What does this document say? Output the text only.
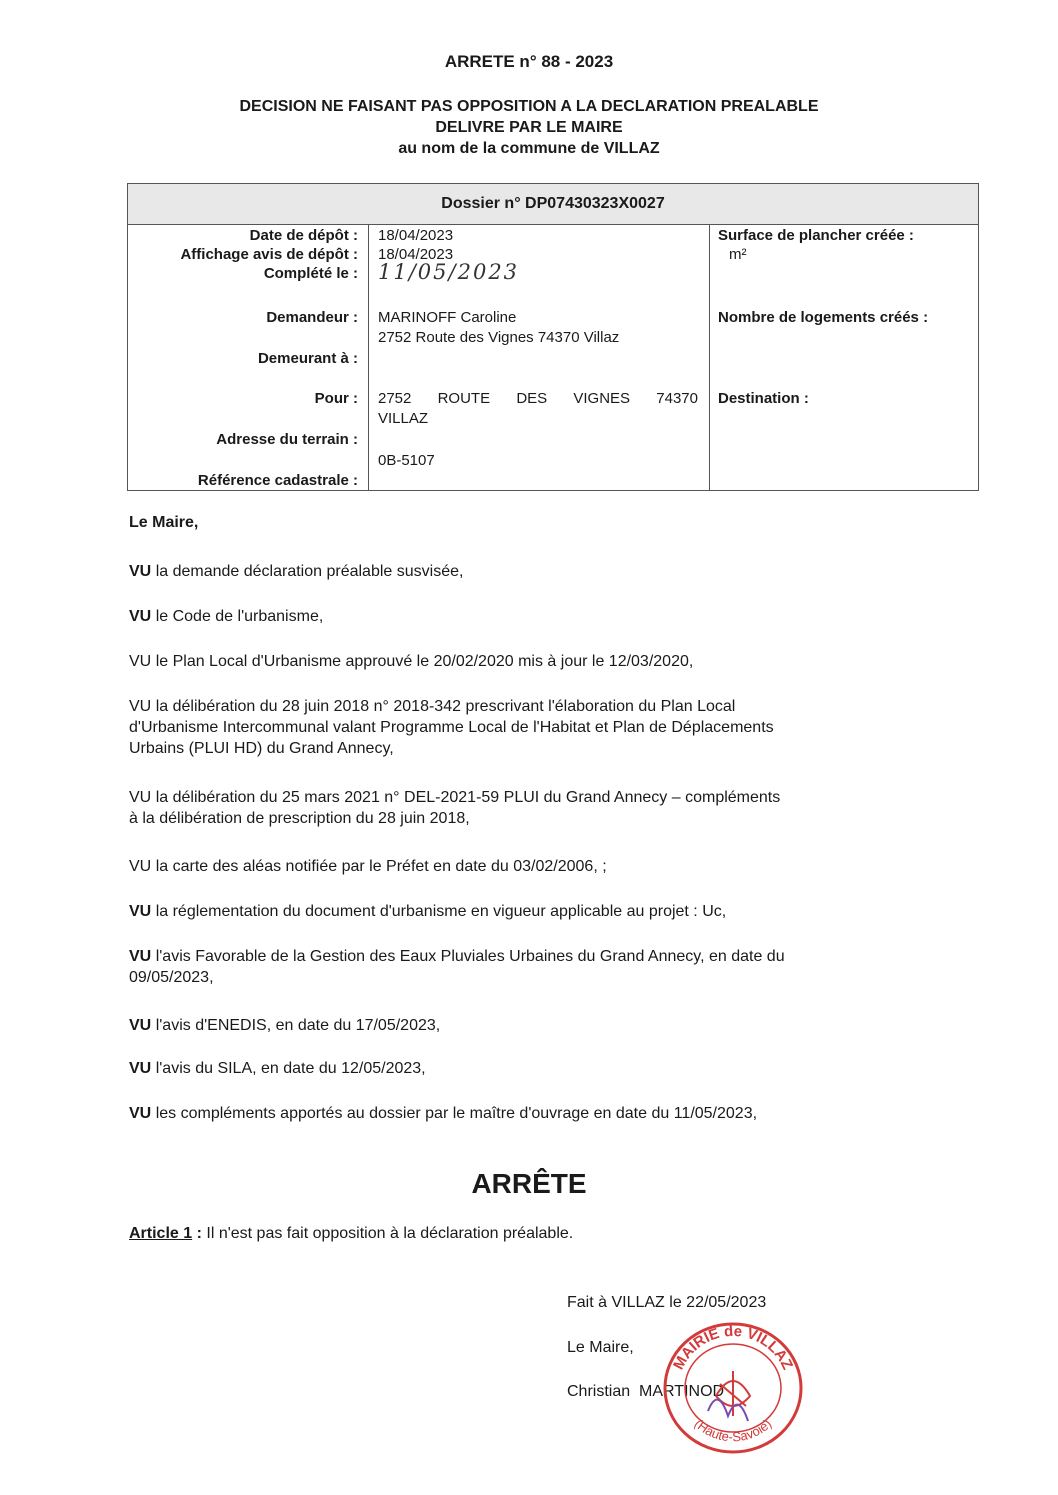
ARRETE n° 88 - 2023
DECISION NE FAISANT PAS OPPOSITION A LA DECLARATION PREALABLE
DELIVRE PAR LE MAIRE
au nom de la commune de VILLAZ
Dossier n° DP07430323X0027
Date de dépôt :
Affichage avis de dépôt :
Complété le :
Demandeur :
Demeurant à :
Pour :
Adresse du terrain :
Référence cadastrale :
18/04/2023
18/04/2023
11/05/2023
MARINOFF Caroline
2752 Route des Vignes 74370 Villaz
2752 ROUTE DES VIGNES 74370
VILLAZ
0B-5107
Surface de plancher créée :
m²
Nombre de logements créés :
Destination :
Le Maire,
VU la demande déclaration préalable susvisée,
VU le Code de l'urbanisme,
VU le Plan Local d'Urbanisme approuvé le 20/02/2020 mis à jour le 12/03/2020,
VU la délibération du 28 juin 2018 n° 2018-342 prescrivant l'élaboration du Plan Local
d'Urbanisme Intercommunal valant Programme Local de l'Habitat et Plan de Déplacements
Urbains (PLUI HD) du Grand Annecy,
VU la délibération du 25 mars 2021 n° DEL-2021-59 PLUI du Grand Annecy – compléments
à la délibération de prescription du 28 juin 2018,
VU la carte des aléas notifiée par le Préfet en date du 03/02/2006, ;
VU la réglementation du document d'urbanisme en vigueur applicable au projet : Uc,
VU l'avis Favorable de la Gestion des Eaux Pluviales Urbaines du Grand Annecy, en date du
09/05/2023,
VU l'avis d'ENEDIS, en date du 17/05/2023,
VU l'avis du SILA, en date du 12/05/2023,
VU les compléments apportés au dossier par le maître d'ouvrage en date du 11/05/2023,
ARRÊTE
Article 1 : Il n'est pas fait opposition à la déclaration préalable.
Fait à VILLAZ le 22/05/2023
Le Maire,
Christian  MARTINOD
MAIRIE de VILLAZ
(Haute-Savoie)
